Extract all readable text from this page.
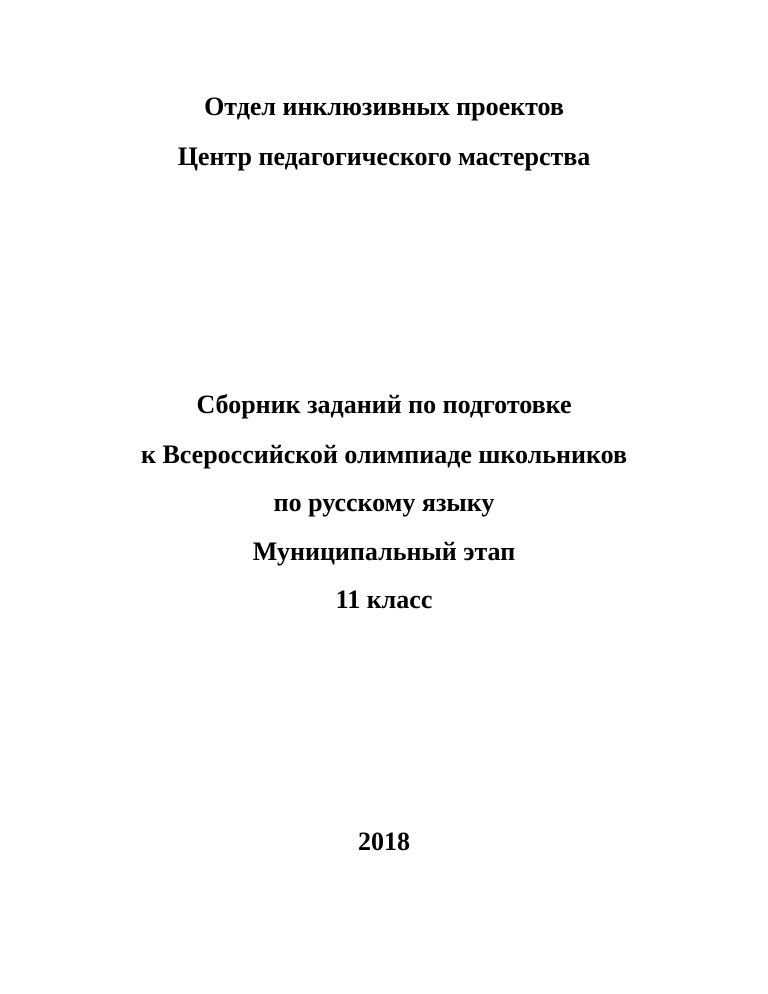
Отдел инклюзивных проектов
Центр педагогического мастерства
Сборник заданий по подготовке
к Всероссийской олимпиаде школьников
по русскому языку
Муниципальный этап
11 класс
2018
